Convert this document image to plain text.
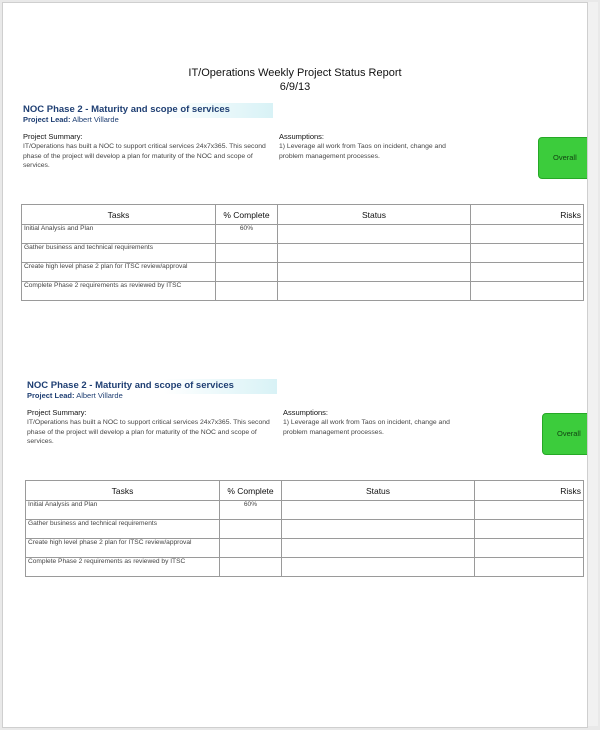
IT/Operations Weekly Project Status Report
6/9/13
NOC Phase 2 - Maturity and scope of services
Project Lead: Albert Villarde
Project Summary:
IT/Operations has built a NOC to support critical services 24x7x365. This second phase of the project will develop a plan for maturity of the NOC and scope of services.
Assumptions:
1) Leverage all work from Taos on incident, change and problem management processes.	Overall
Tasks	% Complete	Status	Risks
Initial Analysis and Plan	60%		
Gather business and technical requirements			
Create high level phase 2 plan for ITSC review/approval			
Complete Phase 2 requirements as reviewed by ITSC			
NOC Phase 2 - Maturity and scope of services
Project Lead: Albert Villarde
Project Summary:
IT/Operations has built a NOC to support critical services 24x7x365. This second phase of the project will develop a plan for maturity of the NOC and scope of services.
Assumptions:
1) Leverage all work from Taos on incident, change and problem management processes.	Overall
Tasks	% Complete	Status	Risks
Initial Analysis and Plan	60%		
Gather business and technical requirements			
Create high level phase 2 plan for ITSC review/approval			
Complete Phase 2 requirements as reviewed by ITSC			
